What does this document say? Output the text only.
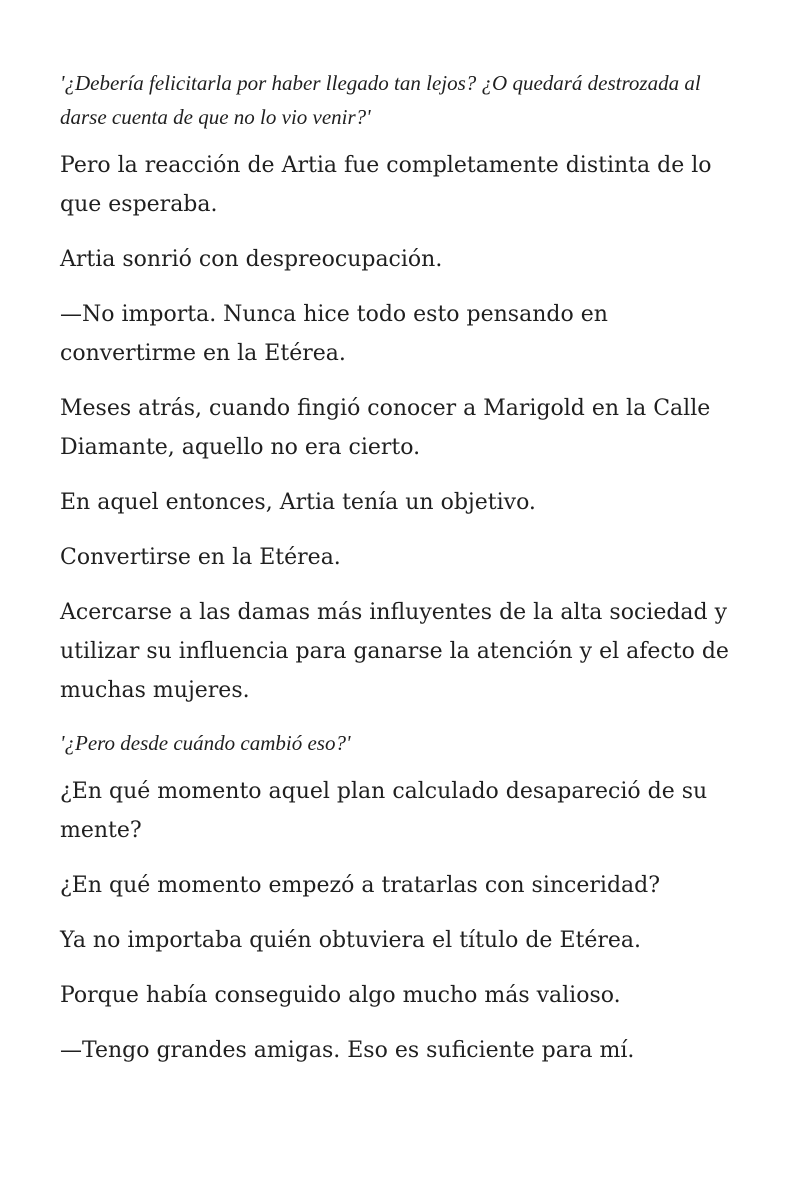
'¿Debería felicitarla por haber llegado tan lejos? ¿O quedará destrozada al darse cuenta de que no lo vio venir?'

Pero la reacción de Artia fue completamente distinta de lo que esperaba.

Artia sonrió con despreocupación.

—No importa. Nunca hice todo esto pensando en convertirme en la Etérea.

Meses atrás, cuando fingió conocer a Marigold en la Calle Diamante, aquello no era cierto.

En aquel entonces, Artia tenía un objetivo.

Convertirse en la Etérea.

Acercarse a las damas más influyentes de la alta sociedad y utilizar su influencia para ganarse la atención y el afecto de muchas mujeres.

'¿Pero desde cuándo cambió eso?'

¿En qué momento aquel plan calculado desapareció de su mente?

¿En qué momento empezó a tratarlas con sinceridad?

Ya no importaba quién obtuviera el título de Etérea.

Porque había conseguido algo mucho más valioso.

—Tengo grandes amigas. Eso es suficiente para mí.
